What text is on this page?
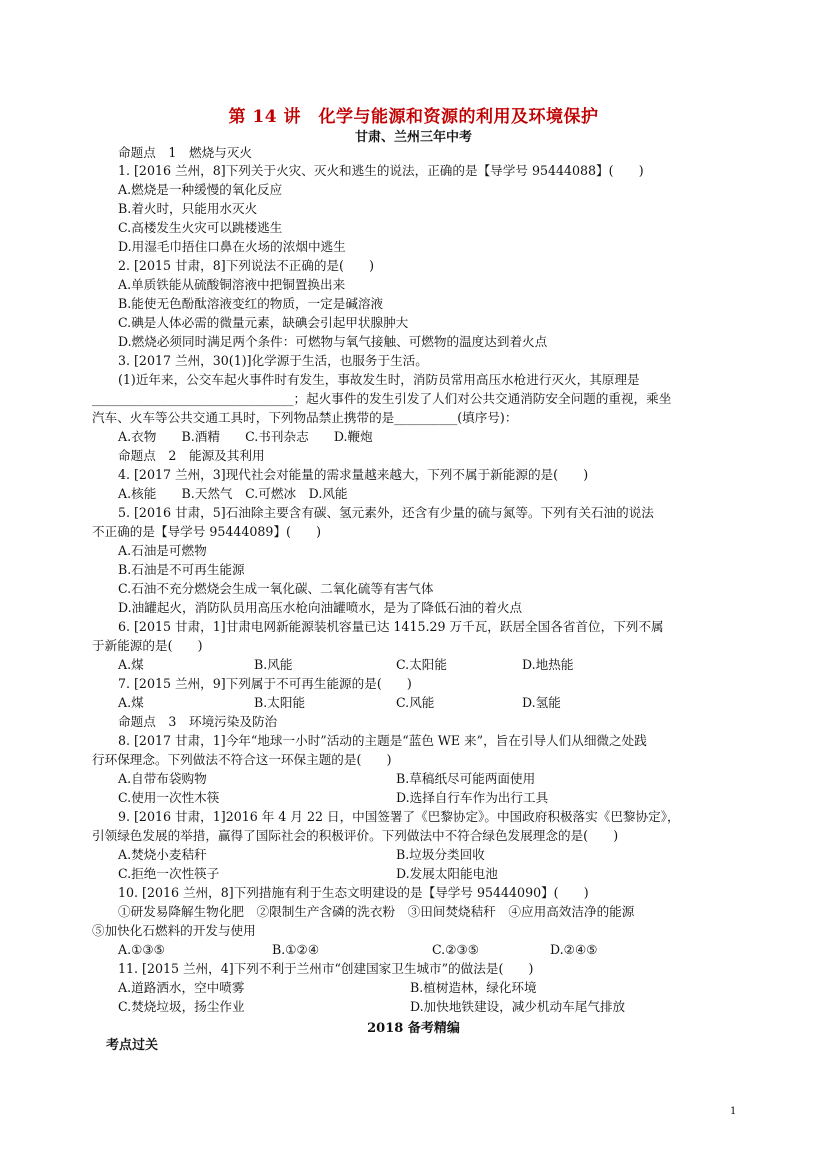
第 14 讲　化学与能源和资源的利用及环境保护
甘肃、兰州三年中考
命题点　1　燃烧与灭火
1. [2016 兰州，8]下列关于火灾、灭火和逃生的说法，正确的是【导学号 95444088】(　　)
A.燃烧是一种缓慢的氧化反应
B.着火时，只能用水灭火
C.高楼发生火灾可以跳楼逃生
D.用湿毛巾捂住口鼻在火场的浓烟中逃生
2. [2015 甘肃，8]下列说法不正确的是(　　)
A.单质铁能从硫酸铜溶液中把铜置换出来
B.能使无色酚酞溶液变红的物质，一定是碱溶液
C.碘是人体必需的微量元素，缺碘会引起甲状腺肿大
D.燃烧必须同时满足两个条件：可燃物与氧气接触、可燃物的温度达到着火点
3. [2017 兰州，30(1)]化学源于生活，也服务于生活。
(1)近年来，公交车起火事件时有发生，事故发生时，消防员常用高压水枪进行灭火，其原理是
________________________________；起火事件的发生引发了人们对公共交通消防安全问题的重视，乘坐
汽车、火车等公共交通工具时，下列物品禁止携带的是__________(填序号)：
A.衣物　　B.酒精　　C.书刊杂志　　D.鞭炮
命题点　2　能源及其利用
4. [2017 兰州，3]现代社会对能量的需求量越来越大，下列不属于新能源的是(　　)
A.核能　　B.天然气　C.可燃冰　D.风能
5. [2016 甘肃，5]石油除主要含有碳、氢元素外，还含有少量的硫与氮等。下列有关石油的说法
不正确的是【导学号 95444089】(　　)
A.石油是可燃物
B.石油是不可再生能源
C.石油不充分燃烧会生成一氧化碳、二氧化硫等有害气体
D.油罐起火，消防队员用高压水枪向油罐喷水，是为了降低石油的着火点
6. [2015 甘肃，1]甘肃电网新能源装机容量已达 1415.29 万千瓦，跃居全国各省首位，下列不属
于新能源的是(　　)
A.煤	B.风能	C.太阳能	D.地热能
7. [2015 兰州，9]下列属于不可再生能源的是(　　)
A.煤	B.太阳能	C.风能	D.氢能
命题点　3　环境污染及防治
8. [2017 甘肃，1]今年“地球一小时”活动的主题是“蓝色 WE 来”，旨在引导人们从细微之处践
行环保理念。下列做法不符合这一环保主题的是(　　)
A.自带布袋购物	B.草稿纸尽可能两面使用
C.使用一次性木筷	D.选择自行车作为出行工具
9. [2016 甘肃，1]2016 年 4 月 22 日，中国签署了《巴黎协定》。中国政府积极落实《巴黎协定》，
引领绿色发展的举措，赢得了国际社会的积极评价。下列做法中不符合绿色发展理念的是(　　)
A.焚烧小麦秸秆	B.垃圾分类回收
C.拒绝一次性筷子	D.发展太阳能电池
10. [2016 兰州，8]下列措施有利于生态文明建设的是【导学号 95444090】(　　)
①研发易降解生物化肥　②限制生产含磷的洗衣粉　③田间焚烧秸秆　④应用高效洁净的能源
⑤加快化石燃料的开发与使用
A.①③⑤	B.①②④	C.②③⑤	D.②④⑤
11. [2015 兰州，4]下列不利于兰州市“创建国家卫生城市”的做法是(　　)
A.道路洒水，空中喷雾	B.植树造林，绿化环境
C.焚烧垃圾，扬尘作业	D.加快地铁建设，减少机动车尾气排放
2018 备考精编
考点过关
1
